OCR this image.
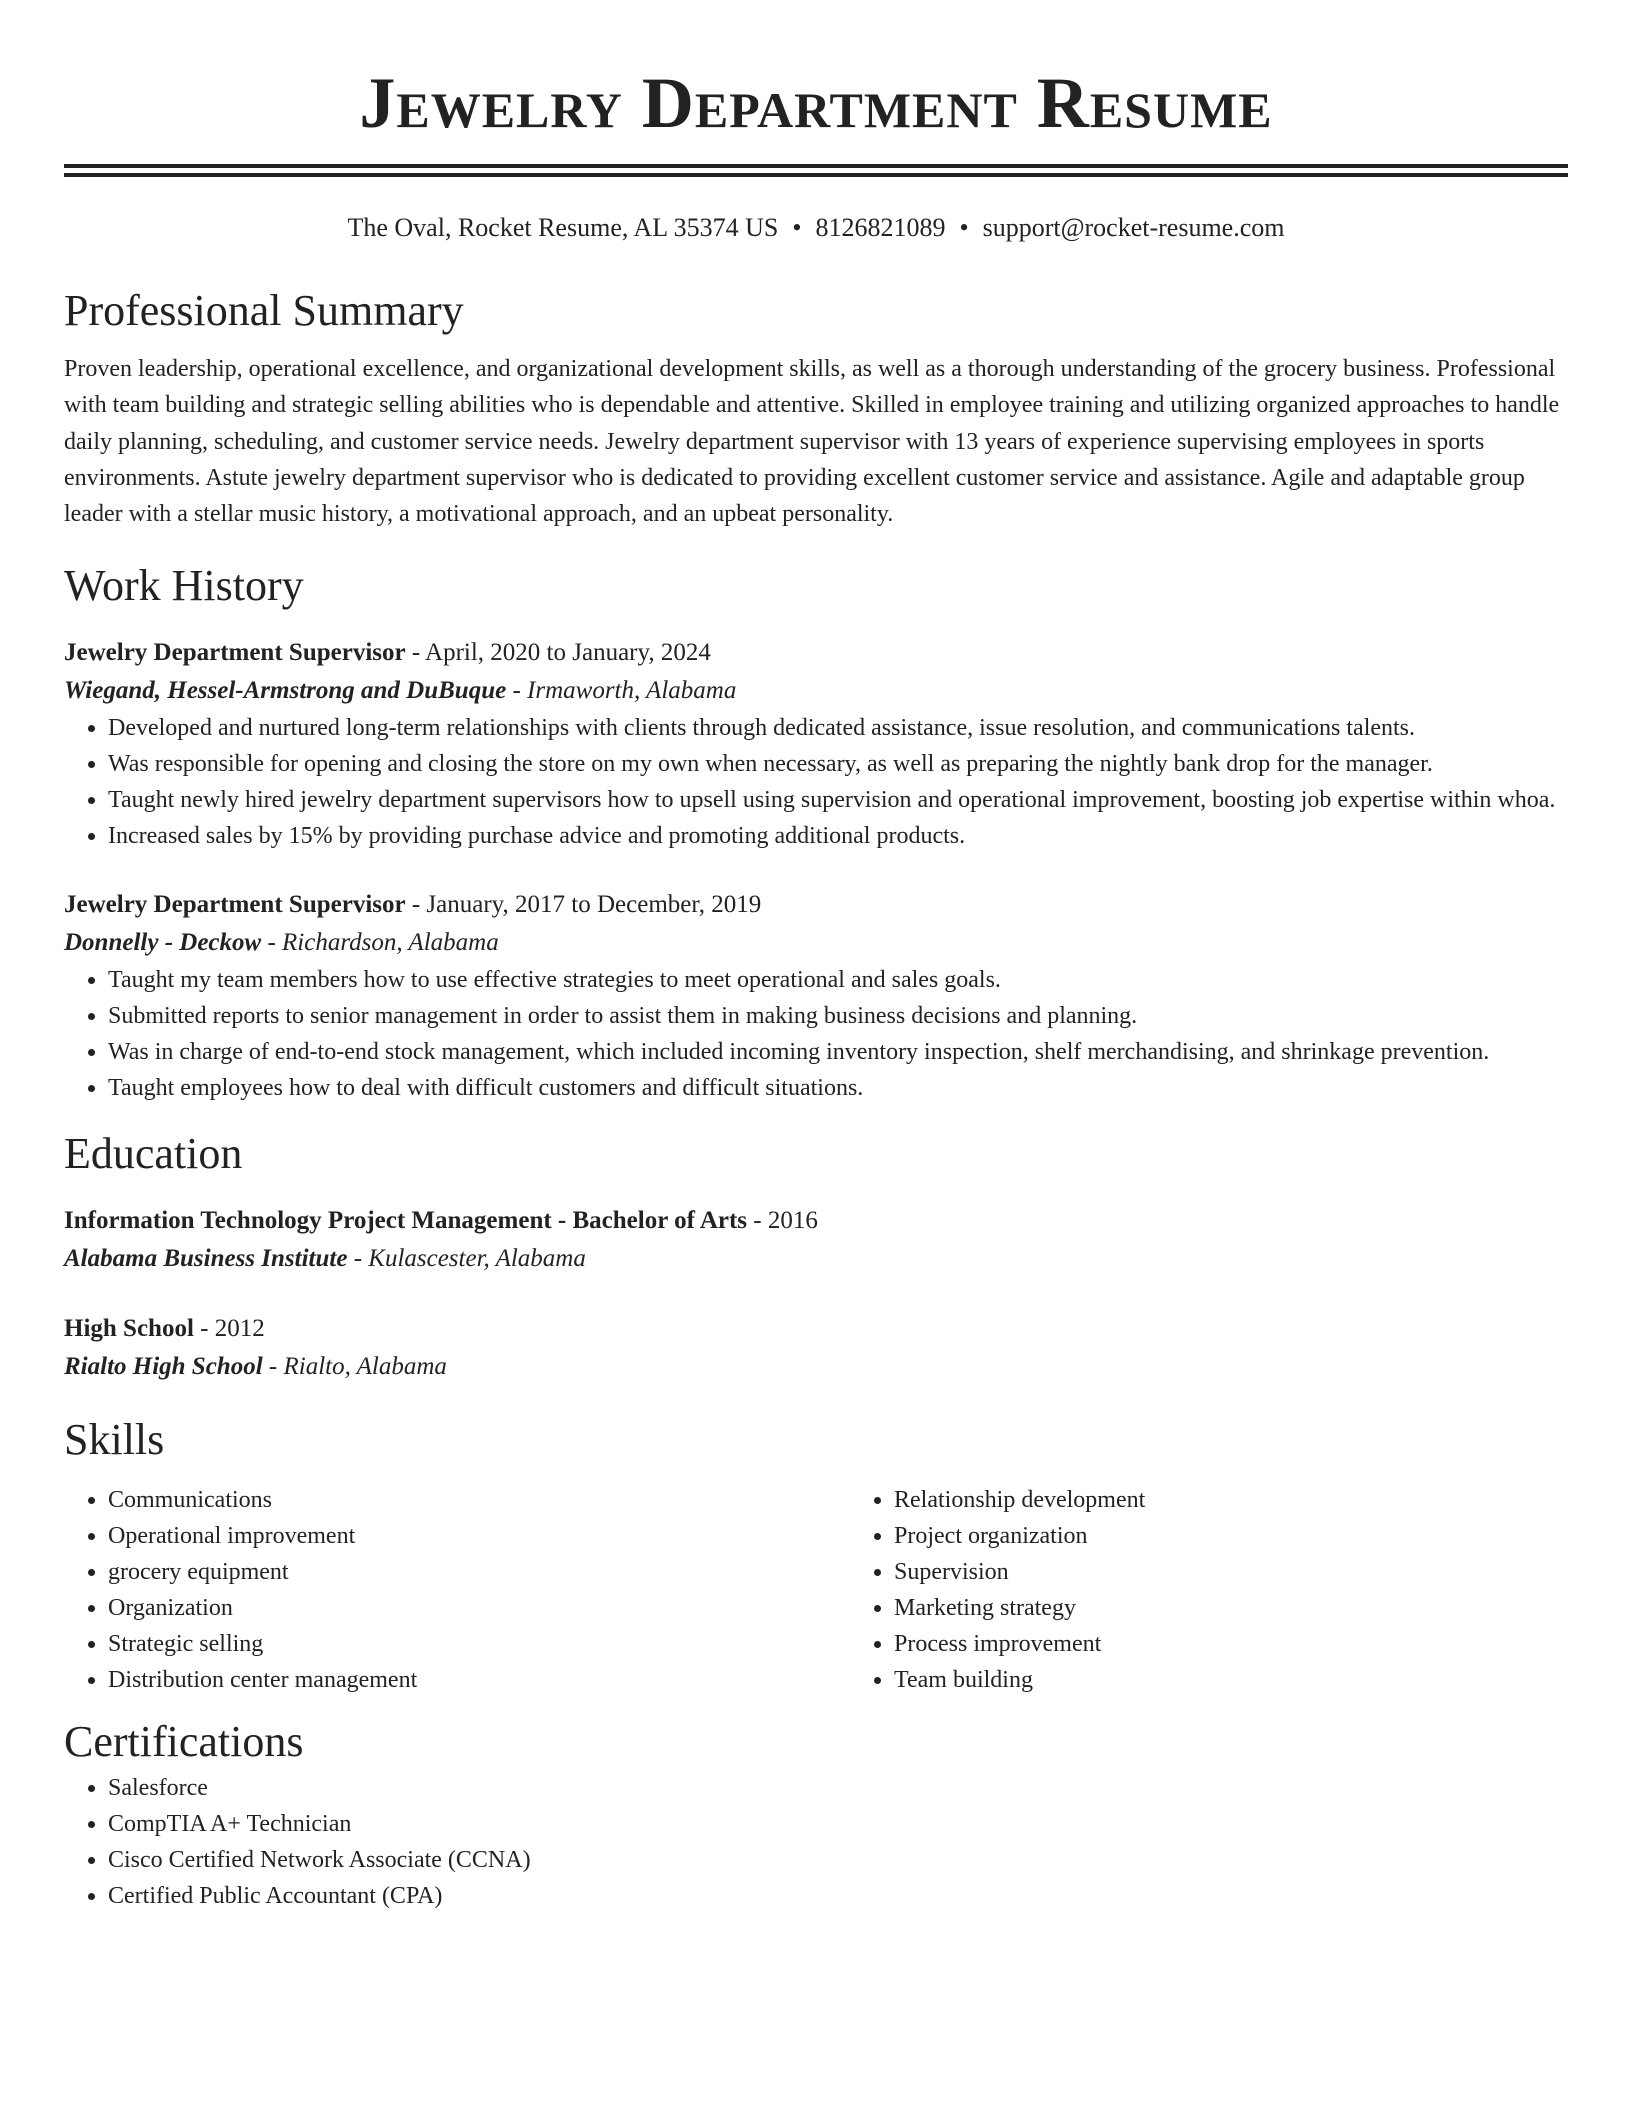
Jewelry Department Resume
The Oval, Rocket Resume, AL 35374 US • 8126821089 • support@rocket-resume.com
Professional Summary
Proven leadership, operational excellence, and organizational development skills, as well as a thorough understanding of the grocery business. Professional with team building and strategic selling abilities who is dependable and attentive. Skilled in employee training and utilizing organized approaches to handle daily planning, scheduling, and customer service needs. Jewelry department supervisor with 13 years of experience supervising employees in sports environments. Astute jewelry department supervisor who is dedicated to providing excellent customer service and assistance. Agile and adaptable group leader with a stellar music history, a motivational approach, and an upbeat personality.
Work History
Jewelry Department Supervisor - April, 2020 to January, 2024
Wiegand, Hessel-Armstrong and DuBuque - Irmaworth, Alabama
• Developed and nurtured long-term relationships with clients through dedicated assistance, issue resolution, and communications talents.
• Was responsible for opening and closing the store on my own when necessary, as well as preparing the nightly bank drop for the manager.
• Taught newly hired jewelry department supervisors how to upsell using supervision and operational improvement, boosting job expertise within whoa.
• Increased sales by 15% by providing purchase advice and promoting additional products.
Jewelry Department Supervisor - January, 2017 to December, 2019
Donnelly - Deckow - Richardson, Alabama
• Taught my team members how to use effective strategies to meet operational and sales goals.
• Submitted reports to senior management in order to assist them in making business decisions and planning.
• Was in charge of end-to-end stock management, which included incoming inventory inspection, shelf merchandising, and shrinkage prevention.
• Taught employees how to deal with difficult customers and difficult situations.
Education
Information Technology Project Management - Bachelor of Arts - 2016
Alabama Business Institute - Kulascester, Alabama
High School - 2012
Rialto High School - Rialto, Alabama
Skills
• Communications
• Operational improvement
• grocery equipment
• Organization
• Strategic selling
• Distribution center management
• Relationship development
• Project organization
• Supervision
• Marketing strategy
• Process improvement
• Team building
Certifications
• Salesforce
• CompTIA A+ Technician
• Cisco Certified Network Associate (CCNA)
• Certified Public Accountant (CPA)
